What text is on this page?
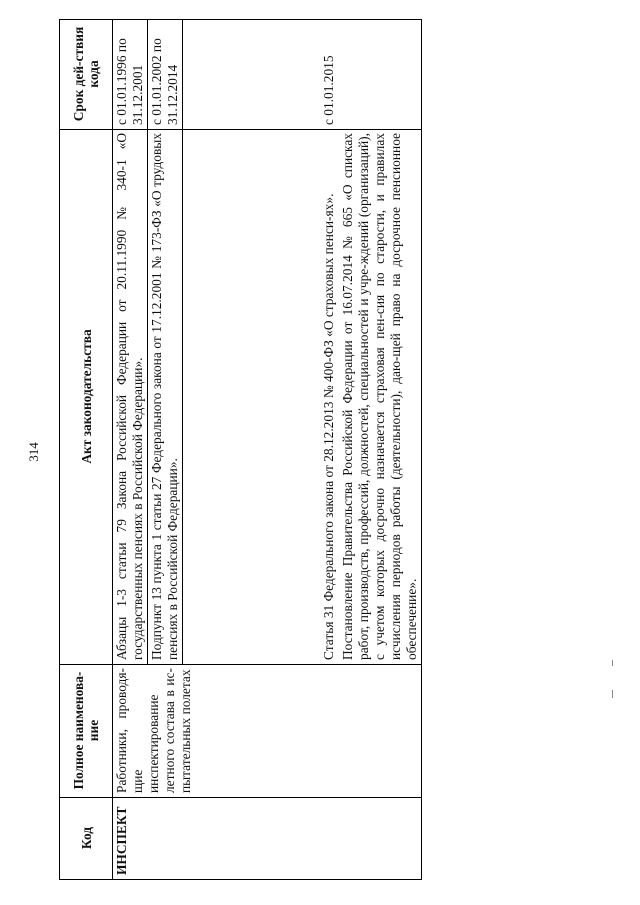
314
Код	Полное наименова-ние	Акт законодательства	Срок дей-ствия кода
ИНСПЕКТ	Работники, проводя-щие инспектирование летного состава в ис-пытательных полетах	Абзацы 1-3 статьи 79 Закона Российской Федерации от 20.11.1990 № 340-1 «О государственных пенсиях в Российской Федерации».	с 01.01.1996 по 31.12.2001

		Подпункт 13 пункта 1 статьи 27 Федерального закона от 17.12.2001 № 173-ФЗ «О трудовых пенсиях в Российской Федерации».	с 01.01.2002 по 31.12.2014

		Статья 31 Федерального закона от 28.12.2013 № 400-ФЗ «О страховых пенси-ях». Постановление Правительства Российской Федерации от 16.07.2014 № 665 «О списках работ, производств, профессий, должностей, специальностей и учре-ждений (организаций), с учетом которых досрочно назначается страховая пен-сия по старости, и правилах исчисления периодов работы (деятельности), даю-щей право на досрочное пенсионное обеспечение».	с 01.01.2015
